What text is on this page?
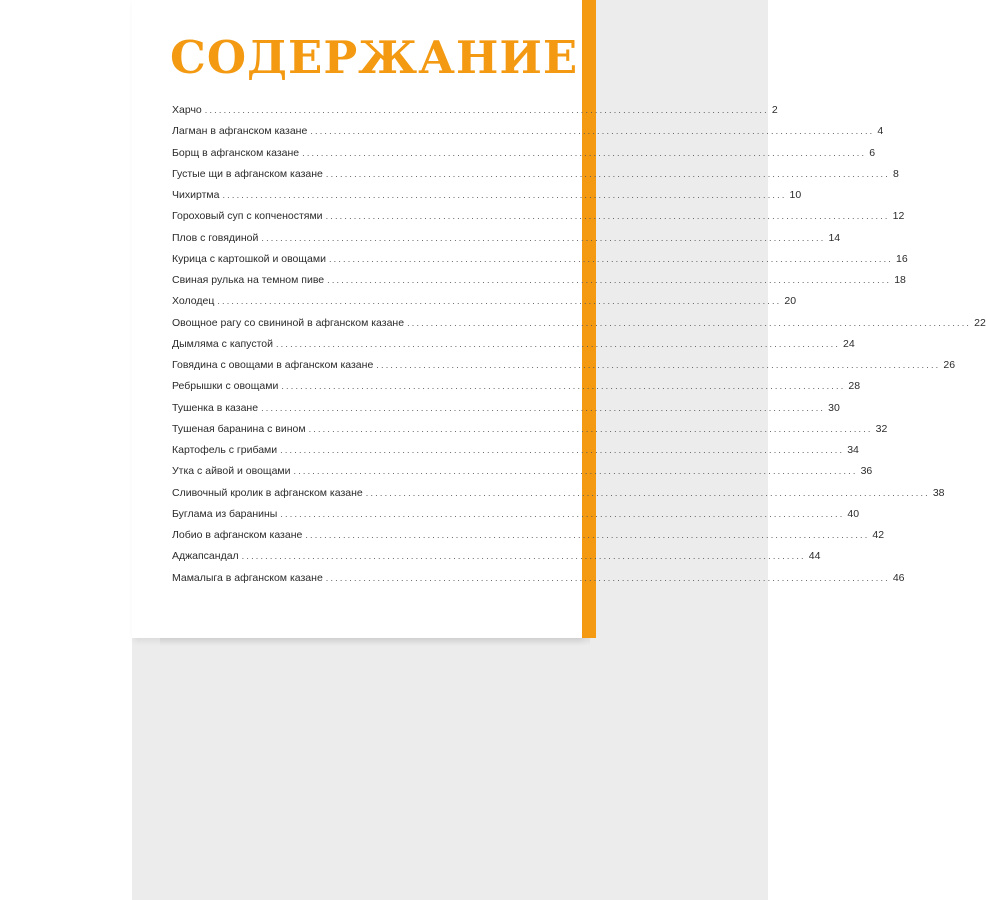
СОДЕРЖАНИЕ
Харчо ........................................................................................................................ 2
Лагман в афганском казане ........................................................................................................................ 4
Борщ в афганском казане ........................................................................................................................ 6
Густые щи в афганском казане ........................................................................................................................ 8
Чихиртма ........................................................................................................................ 10
Гороховый суп с копченостями ........................................................................................................................ 12
Плов с говядиной ........................................................................................................................ 14
Курица с картошкой и овощами ........................................................................................................................ 16
Свиная рулька на темном пиве ........................................................................................................................ 18
Холодец ........................................................................................................................ 20
Овощное рагу со свининой в афганском казане ........................................................................................................................ 22
Дымляма с капустой ........................................................................................................................ 24
Говядина с овощами в афганском казане ........................................................................................................................ 26
Ребрышки с овощами ........................................................................................................................ 28
Тушенка в казане ........................................................................................................................ 30
Тушеная баранина с вином ........................................................................................................................ 32
Картофель с грибами ........................................................................................................................ 34
Утка с айвой и овощами ........................................................................................................................ 36
Сливочный кролик в афганском казане ........................................................................................................................ 38
Буглама из баранины ........................................................................................................................ 40
Лобио в афганском казане ........................................................................................................................ 42
Аджапсандал ........................................................................................................................ 44
Мамалыга в афганском казане ........................................................................................................................ 46
